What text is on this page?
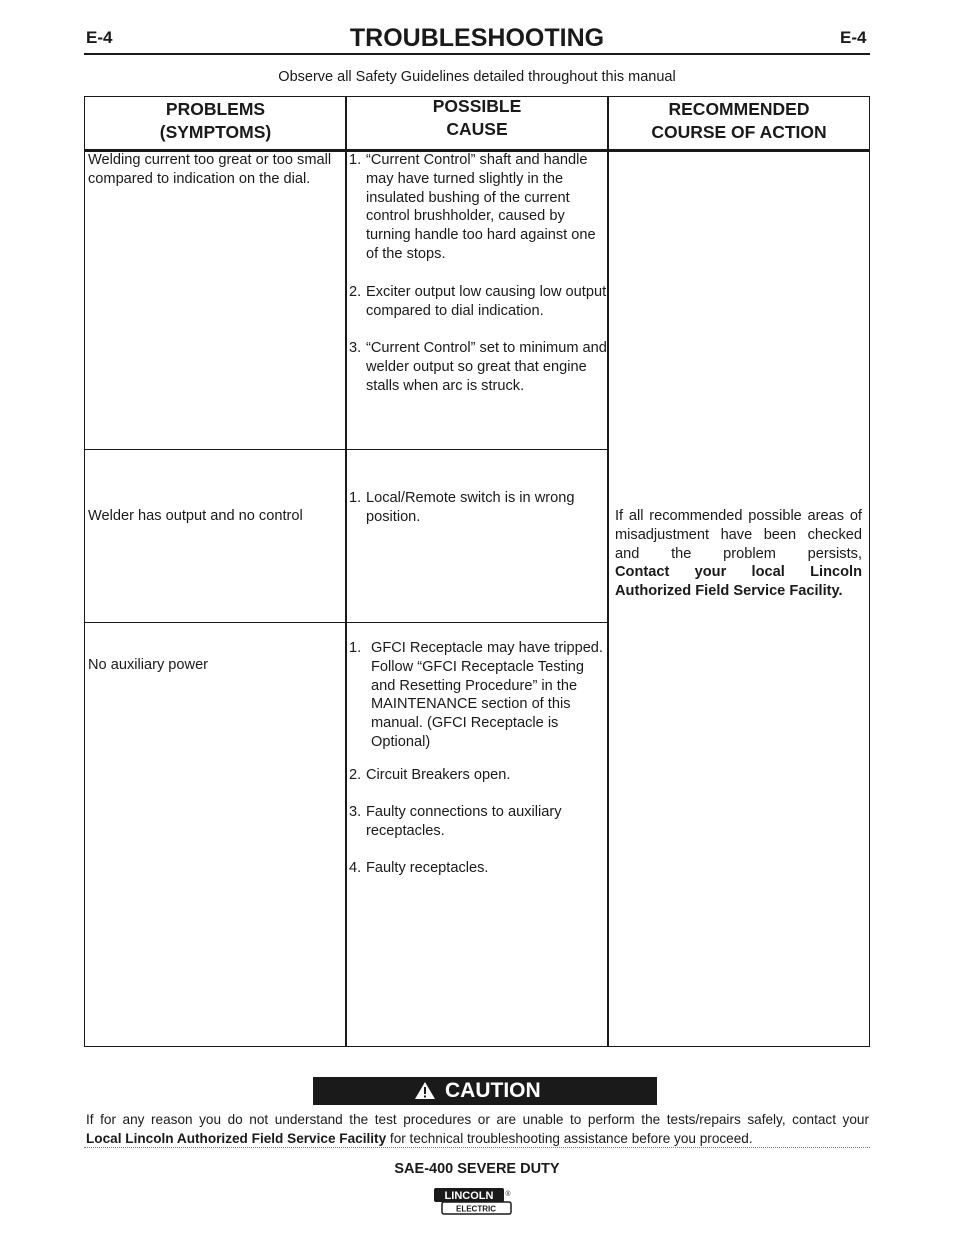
E-4	TROUBLESHOOTING	E-4
Observe all Safety Guidelines detailed throughout this manual
PROBLEMS
(SYMPTOMS)
POSSIBLE
CAUSE
RECOMMENDED
COURSE OF ACTION
Welding current too great or too small compared to indication on the dial.
1. “Current Control” shaft and handle may have turned slightly in the insulated bushing of the current control brushholder, caused by turning handle too hard against one of the stops.
2. Exciter output low causing low output compared to dial indication.
3. “Current Control” set to minimum and welder output so great that engine stalls when arc is struck.
Welder has output and no control
1. Local/Remote switch is in wrong position.
No auxiliary power
1. GFCI Receptacle may have tripped. Follow “GFCI Receptacle Testing and Resetting Procedure” in the MAINTENANCE section of this manual. (GFCI Receptacle is Optional)
2. Circuit Breakers open.
3. Faulty connections to auxiliary receptacles.
4. Faulty receptacles.
If all recommended possible areas of misadjustment have been checked and the problem persists,
Contact your local Lincoln
Authorized Field Service Facility.
CAUTION
If for any reason you do not understand the test procedures or are unable to perform the tests/repairs safely, contact your
Local Lincoln Authorized Field Service Facility for technical troubleshooting assistance before you proceed.
SAE-400 SEVERE DUTY
LINCOLN ®
ELECTRIC
